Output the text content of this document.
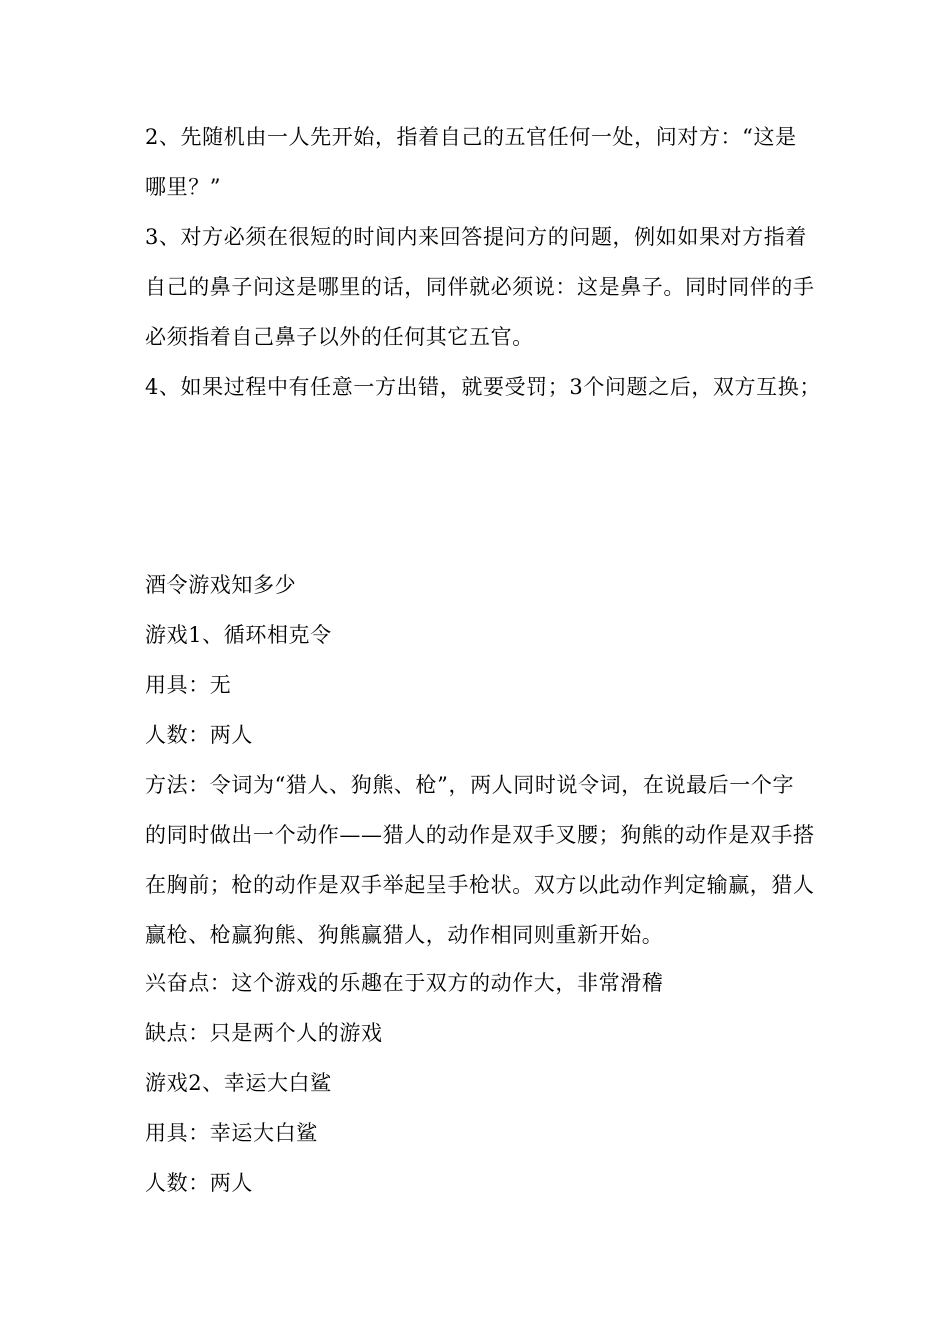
2、先随机由一人先开始，指着自己的五官任何一处，问对方：“这是
哪里？”
3、对方必须在很短的时间内来回答提问方的问题，例如如果对方指着
自己的鼻子问这是哪里的话，同伴就必须说：这是鼻子。同时同伴的手
必须指着自己鼻子以外的任何其它五官。
4、如果过程中有任意一方出错，就要受罚；3个问题之后，双方互换；
酒令游戏知多少
游戏1、循环相克令
用具：无
人数：两人
方法：令词为“猎人、狗熊、枪”，两人同时说令词，在说最后一个字
的同时做出一个动作——猎人的动作是双手叉腰；狗熊的动作是双手搭
在胸前；枪的动作是双手举起呈手枪状。双方以此动作判定输赢，猎人
赢枪、枪赢狗熊、狗熊赢猎人，动作相同则重新开始。
兴奋点：这个游戏的乐趣在于双方的动作大，非常滑稽
缺点：只是两个人的游戏
游戏2、幸运大白鲨
用具：幸运大白鲨
人数：两人
